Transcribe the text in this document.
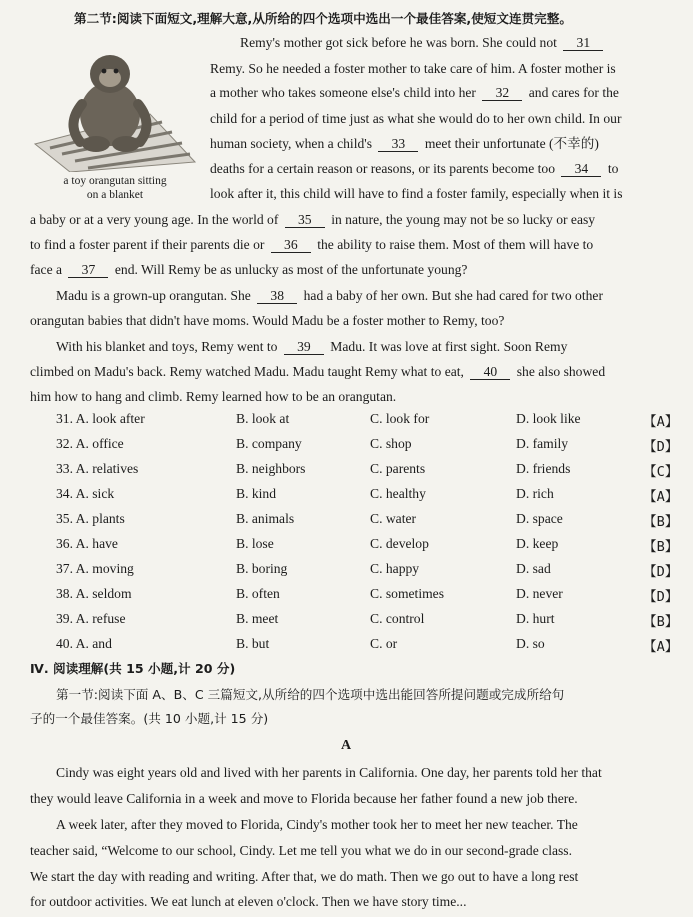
第二节:阅读下面短文,理解大意,从所给的四个选项中选出一个最佳答案,使短文连贯完整。
a toy orangutan sitting
on a blanket
Remy's mother got sick before he was born. She could not 31
Remy. So he needed a foster mother to take care of him. A foster mother is
a mother who takes someone else's child into her 32 and cares for the
child for a period of time just as what she would do to her own child. In our
human society, when a child's 33 meet their unfortunate (不幸的)
deaths for a certain reason or reasons, or its parents become too 34 to
look after it, this child will have to find a foster family, especially when it is
a baby or at a very young age. In the world of 35 in nature, the young may not be so lucky or easy
to find a foster parent if their parents die or 36 the ability to raise them. Most of them will have to
face a 37 end. Will Remy be as unlucky as most of the unfortunate young?
Madu is a grown-up orangutan. She 38 had a baby of her own. But she had cared for two other
orangutan babies that didn't have moms. Would Madu be a foster mother to Remy, too?
With his blanket and toys, Remy went to 39 Madu. It was love at first sight. Soon Remy
climbed on Madu's back. Remy watched Madu. Madu taught Remy what to eat, 40 she also showed
him how to hang and climb. Remy learned how to be an orangutan.
31. A. look after	B. look at	C. look for	D. look like	【A】
32. A. office	B. company	C. shop	D. family	【D】
33. A. relatives	B. neighbors	C. parents	D. friends	【C】
34. A. sick	B. kind	C. healthy	D. rich	【A】
35. A. plants	B. animals	C. water	D. space	【B】
36. A. have	B. lose	C. develop	D. keep	【B】
37. A. moving	B. boring	C. happy	D. sad	【D】
38. A. seldom	B. often	C. sometimes	D. never	【D】
39. A. refuse	B. meet	C. control	D. hurt	【B】
40. A. and	B. but	C. or	D. so	【A】
Ⅳ. 阅读理解(共 15 小题,计 20 分)
第一节:阅读下面 A、B、C 三篇短文,从所给的四个选项中选出能回答所提问题或完成所给句
子的一个最佳答案。(共 10 小题,计 15 分)
A
Cindy was eight years old and lived with her parents in California. One day, her parents told her that
they would leave California in a week and move to Florida because her father found a new job there.
A week later, after they moved to Florida, Cindy's mother took her to meet her new teacher. The
teacher said, “Welcome to our school, Cindy. Let me tell you what we do in our second-grade class.
We start the day with reading and writing. After that, we do math. Then we go out to have a long rest
for outdoor activities. We eat lunch at eleven o'clock. Then we have story time...
